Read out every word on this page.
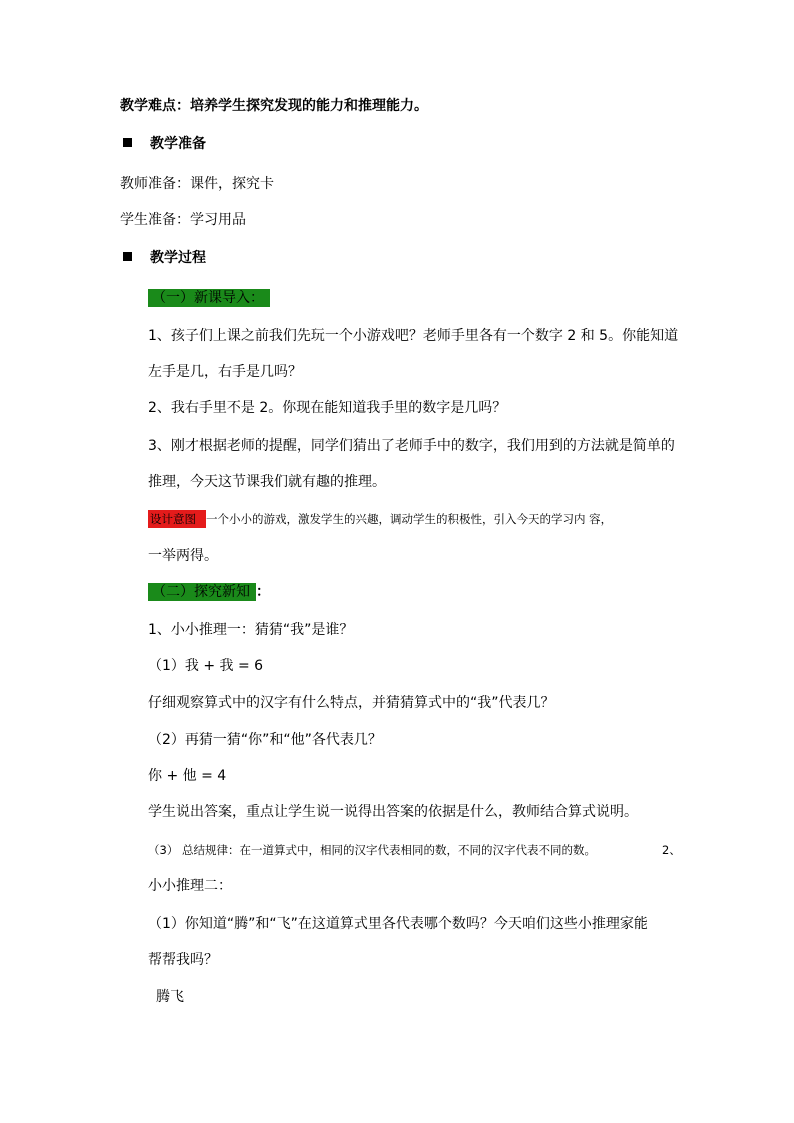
教学难点：培养学生探究发现的能力和推理能力。
教学准备
教师准备：课件，探究卡
学生准备：学习用品
教学过程
（一）新课导入：
1、孩子们上课之前我们先玩一个小游戏吧？老师手里各有一个数字 2 和 5。你能知道
左手是几，右手是几吗？
2、我右手里不是 2。你现在能知道我手里的数字是几吗？
3、刚才根据老师的提醒，同学们猜出了老师手中的数字，我们用到的方法就是简单的
推理，今天这节课我们就有趣的推理。
设计意图 一个小小的游戏，激发学生的兴趣，调动学生的积极性，引入今天的学习内 容，
一举两得。
（二）探究新知 ：
1、小小推理一：猜猜“我”是谁？
（1）我 + 我 = 6
仔细观察算式中的汉字有什么特点，并猜猜算式中的“我”代表几？
（2）再猜一猜“你”和“他”各代表几？
你 + 他 = 4
学生说出答案，重点让学生说一说得出答案的依据是什么，教师结合算式说明。
（3） 总结规律：在一道算式中，相同的汉字代表相同的数，不同的汉字代表不同的数。	2、
小小推理二：
（1）你知道“腾”和“飞”在这道算式里各代表哪个数吗？今天咱们这些小推理家能
帮帮我吗？
腾飞
